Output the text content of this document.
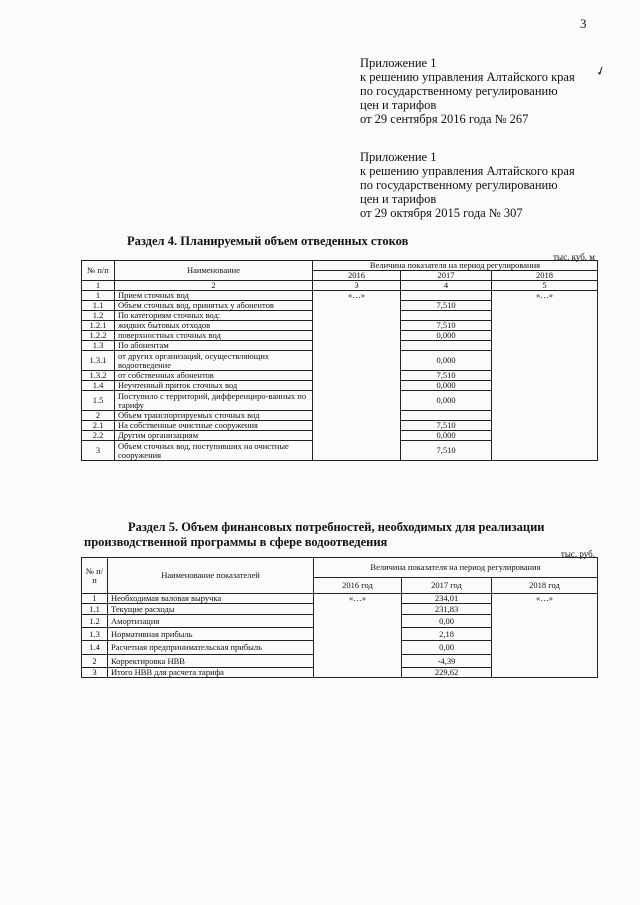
3
Приложение 1
к решению управления Алтайского края
по государственному регулированию
цен и тарифов
от 29 сентября 2016 года № 267
✓
Приложение 1
к решению управления Алтайского края
по государственному регулированию
цен и тарифов
от 29 октября 2015 года № 307
Раздел 4. Планируемый объем отведенных стоков
тыс. куб. м
№ п/п	Наименование	Величина показателя на период регулирования		
		2016	2017	2018
1	2	3	4	5
1	Прием сточных вод	«…»		«…»
1.1	Объем сточных вод, принятых у абонентов		7,510	
1.2	По категориям сточных вод:			
1.2.1	жидких бытовых отходов		7,510	
1.2.2	поверхностных сточных вод		0,000	
1.3	По абонентам			
1.3.1	от других организаций, осуществляющих водоотведение		0,000	
1.3.2	от собственных абонентов		7,510	
1.4	Неучтенный приток сточных вод		0,000	
1.5	Поступило с территорий, дифференциро-ванных по тарифу		0,000	
2	Объем транспортируемых сточных вод			
2.1	На собственные очистные сооружения		7,510	
2.2	Другим организациям		0,000	
3	Объем сточных вод, поступивших на очистные сооружения		7,510	
Раздел 5. Объем финансовых потребностей, необходимых для реализации производственной программы в сфере водоотведения
тыс. руб.
№ п/ п	Наименование показателей	Величина показателя на период регулирования		
		2016 год	2017 год	2018 год
1	Необходимая валовая выручка	«…»	234,01	«…»
1.1	Текущие расходы		231,83	
1.2	Амортизация		0,00	
1.3	Нормативная прибыль		2,18	
1.4	Расчетная предпринимательская прибыль		0,00	
2	Корректировка НВВ		-4,39	
3	Итого НВВ для расчета тарифа		229,62	
